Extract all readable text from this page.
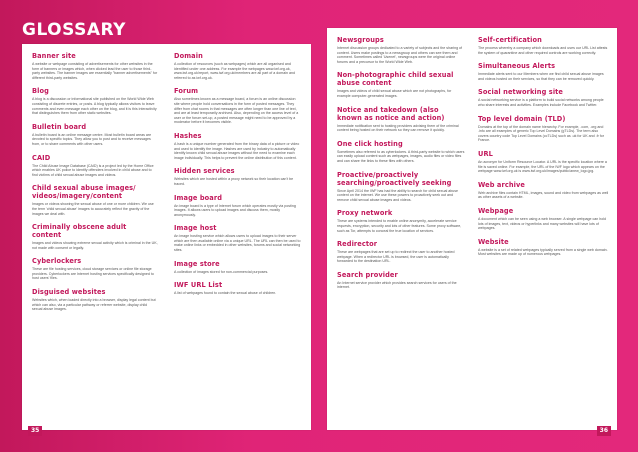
GLOSSARY
Banner site

A website or webpage consisting of advertisements for other websites in the form of banners or images which, when clicked lead the user to those third-party websites. The banner images are essentially "banner advertisements" for different third-party websites.

Blog

A blog is a discussion or informational site published on the World Wide Web consisting of discrete entries, or posts. A blog typically allows visitors to leave comments and even message each other on the blog, and it is this interactivity that distinguishes them from other static websites.

Bulletin board

A bulletin board is an online message centre. Most bulletin board areas are devoted to specific topics. They allow you to post and to receive messages from, or to share comments with other users.

CAID

The Child Abuse Image Database (CAID) is a project led by the Home Office which enables UK police to identify offenders involved in child abuse and to find victims of child sexual abuse images and videos.

Child sexual abuse images/ videos/imagery/content

Images or videos showing the sexual abuse of one or more children. We use the term 'child sexual abuse' images to accurately reflect the gravity of the images we deal with.

Criminally obscene adult content

Images and videos showing extreme sexual activity which is criminal in the UK, not made with consent or legally.

Cyberlockers

These are file hosting services, cloud storage services or online file storage providers. Cyberlockers are Internet hosting services specifically designed to host users' files.

Disguised websites

Websites which, when loaded directly into a browser, display legal content but which can also, via a particular pathway or referrer website, display child sexual abuse images.

Domain

A collection of resources (such as webpages) which are all organised and identified under one address. For example the webpages www.iwf.org.uk, www.iwf.org.uk/report, www.iwf.org.uk/members are all part of a domain and referred to as iwf.org.uk.

Forum

Also sometimes known as a message board, a forum is an online discussion site where people hold conversations in the form of posted messages. They differ from chat rooms in that messages are often longer than one line of text, and are at least temporarily archived. Also, depending on the access level of a user or the forum set-up, a posted message might need to be approved by a moderator before it becomes visible.

Hashes

A hash is a unique number generated from the binary data of a picture or video and used to identify the image. Hashes are used by industry to automatically identify known child sexual abuse images without the need to examine each image individually. This helps to prevent the online distribution of this content.

Hidden services

Websites which are hosted within a proxy network so their location can't be traced.

Image board

An image board is a type of Internet forum which operates mostly via posting images. It allows users to upload images and discuss them, mostly anonymously.

Image host

An image hosting service which allows users to upload images to their server which are then available online via a unique URL. The URL can then be used to make online links or embedded in other websites, forums and social networking sites.

Image store

A collection of images stored for non-commercial purposes.

IWF URL List

A list of webpages found to contain the sexual abuse of children.

Newsgroups

Internet discussion groups dedicated to a variety of subjects and the sharing of content. Users make postings to a newsgroup and others can see them and comment. Sometimes called 'Usenet', newsgroups were the original online forums and a precursor to the World Wide Web.

Non-photographic child sexual abuse content

Images and videos of child sexual abuse which are not photographs, for example computer-generated images.

Notice and takedown (also known as notice and action)

Immediate notification sent to hosting providers advising them of the criminal content being hosted on their network so they can remove it quickly.

One click hosting

Sometimes also referred to as cyberlockers. A third-party website to which users can easily upload content such as webpages, images, audio files or video files and can share the links to these files with others.

Proactive/proactively searching/proactively seeking

Since April 2014 the IWF has had the ability to search for child sexual abuse content on the internet. We use these powers to proactively seek out and remove child sexual abuse images and videos.

Proxy network

These are systems intended to enable online anonymity, accelerate service requests, encryption, security and lots of other features. Some proxy software, such as Tor, attempts to conceal the true location of services.

Redirector

These are webpages that are set up to redirect the user to another hosted webpage. When a redirector URL is browsed, the user is automatically forwarded to the destination URL.

Search provider

An Internet service provider which provides search services for users of the internet.

Self-certification

The process whereby a company which downloads and uses our URL List attests the system of quarantine and other required controls are working correctly.

Simultaneous Alerts

Immediate alerts sent to our Members when we find child sexual abuse images and videos hosted on their services, so that they can be removed quickly.

Social networking site

A social networking service is a platform to build social networks among people who share interests and activities. Examples include Facebook and Twitter.

Top level domain (TLD)

Domains at the top of the domain name hierarchy. For example, .com, .org and .info are all examples of generic Top Level Domains (gTLDs). The term also covers country code Top Level Domains (ccTLDs) such as .uk for UK and .fr for France.

URL

An acronym for Uniform Resource Locator. A URL is the specific location where a file is saved online. For example, the URL of the IWF logo which appears on the webpage www.iwf.org.uk is www.iwf.org.uk/images/public/anew_logo.jpg.

Web archive

Web archive files contain HTML, images, sound and video from webpages as well as other assets of a website.

Webpage

A document which can be seen using a web browser. A single webpage can hold lots of images, text, videos or hyperlinks and many websites will have lots of webpages.

Website

A website is a set of related webpages typically served from a single web domain. Most websites are made up of numerous webpages.

35	36
